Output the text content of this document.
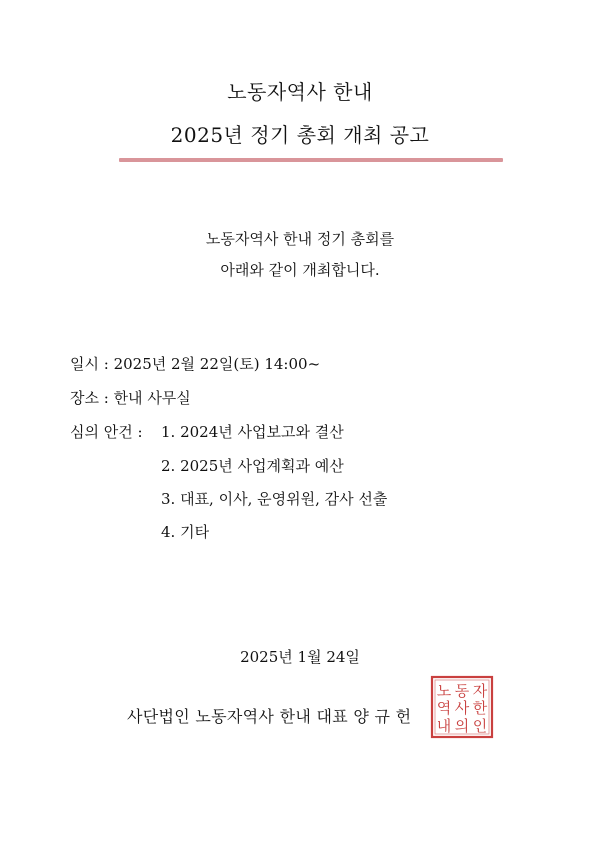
노동자역사 한내
2025년 정기 총회 개최 공고
노동자역사 한내 정기 총회를
아래와 같이 개최합니다.
일시 : 2025년 2월 22일(토) 14:00~
장소 : 한내 사무실
심의 안건 : 1. 2024년 사업보고와 결산
2. 2025년 사업계획과 예산
3. 대표, 이사, 운영위원, 감사 선출
4. 기타
2025년 1월 24일
사단법인 노동자역사 한내 대표 양 규 헌
노 동 자
역 사 한
내 의 인
